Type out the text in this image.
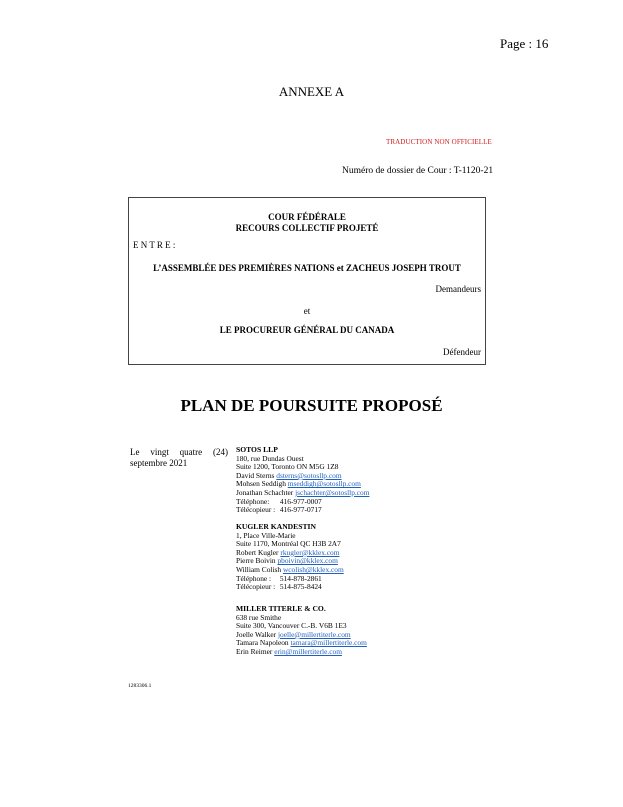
Page : 16
ANNEXE A
TRADUCTION NON OFFICIELLE
Numéro de dossier de Cour : T-1120-21
COUR FÉDÉRALE
RECOURS COLLECTIF PROJETÉ
E N T R E :
L’ASSEMBLÉE DES PREMIÈRES NATIONS et ZACHEUS JOSEPH TROUT
Demandeurs
et
LE PROCUREUR GÉNÉRAL DU CANADA
Défendeur
PLAN DE POURSUITE PROPOSÉ
Le vingt quatre (24)
septembre 2021
SOTOS LLP
180, rue Dundas Ouest
Suite 1200, Toronto ON M5G 1Z8
David Sterns dsterns@sotosllp.com
Mohsen Seddigh mseddigh@sotosllp.com
Jonathan Schachter jschachter@sotosllp.com
Téléphone: 416-977-0007
Télécopieur : 416-977-0717
KUGLER KANDESTIN
1, Place Ville-Marie
Suite 1170, Montréal QC H3B 2A7
Robert Kugler rkugler@kklex.com
Pierre Boivin pboivin@kklex.com
William Colish wcolish@kklex.com
Téléphone : 514-878-2861
Télécopieur : 514-875-8424
MILLER TITERLE & CO.
638 rue Smithe
Suite 300, Vancouver C.-B. V6B 1E3
Joelle Walker joelle@millertiterle.com
Tamara Napoleon tamara@millertiterle.com
Erin Reimer erin@millertiterle.com
1283306.1
